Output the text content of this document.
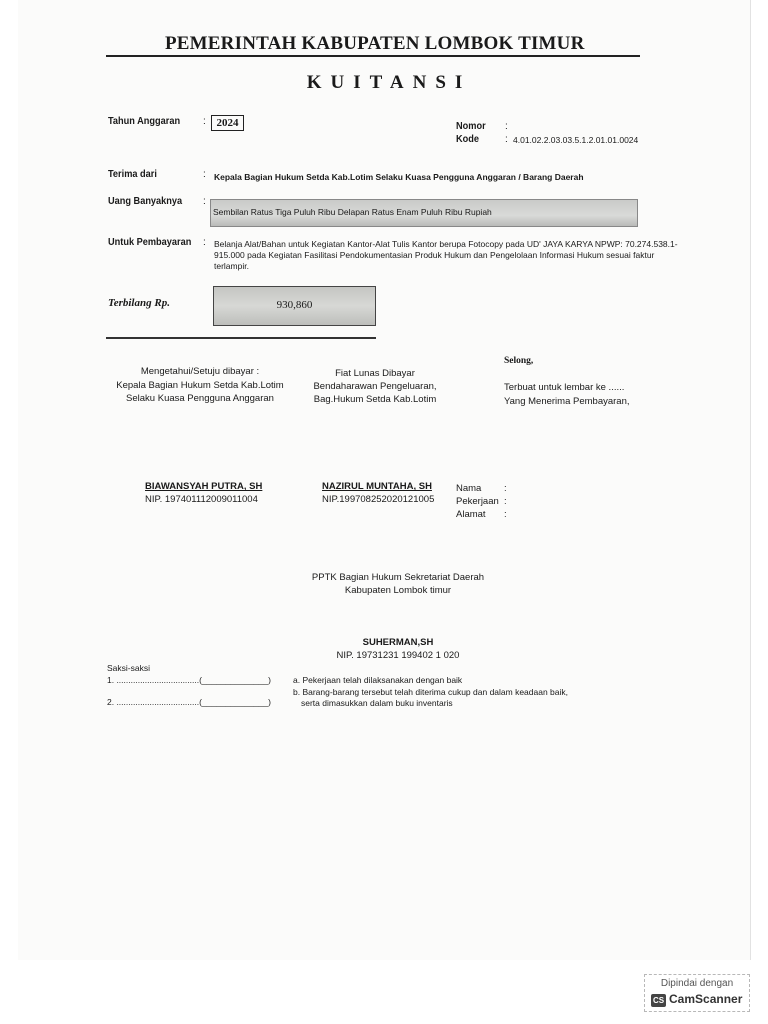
PEMERINTAH KABUPATEN LOMBOK TIMUR
KUITANSI
Tahun Anggaran : 2024	Nomor :
Kode	: 4.01.02.2.03.03.5.1.2.01.01.0024
Terima dari	: Kepala Bagian Hukum Setda Kab.Lotim Selaku Kuasa Pengguna Anggaran / Barang Daerah
Uang Banyaknya :
Sembilan Ratus Tiga Puluh Ribu Delapan Ratus Enam Puluh Ribu Rupiah
Untuk Pembayaran : Belanja Alat/Bahan untuk Kegiatan Kantor-Alat Tulis Kantor berupa Fotocopy pada UD' JAYA KARYA NPWP: 70.274.538.1-
915.000 pada Kegiatan Fasilitasi Pendokumentasian Produk Hukum dan Pengelolaan Informasi Hukum sesuai faktur
terlampir.
Terbilang Rp.	930,860
Selong,
Mengetahui/Setuju dibayar :
Kepala Bagian Hukum Setda Kab.Lotim
Selaku Kuasa Pengguna Anggaran
Fiat Lunas Dibayar
Bendaharawan Pengeluaran,
Bag.Hukum Setda Kab.Lotim
Terbuat untuk lembar ke ......
Yang Menerima Pembayaran,
BIAWANSYAH PUTRA, SH
NIP. 197401112009011004
NAZIRUL MUNTAHA, SH
NIP.199708252020121005
Nama :
Pekerjaan :
Alamat :
PPTK Bagian Hukum Sekretariat Daerah
Kabupaten Lombok timur
SUHERMAN,SH
NIP. 19731231 199402 1 020
Saksi-saksi
1. ...................................(______________)
2. ...................................(______________)
a. Pekerjaan telah dilaksanakan dengan baik
b. Barang-barang tersebut telah diterima cukup dan dalam keadaan baik,
serta dimasukkan dalam buku inventaris
Dipindai dengan
CS CamScanner
